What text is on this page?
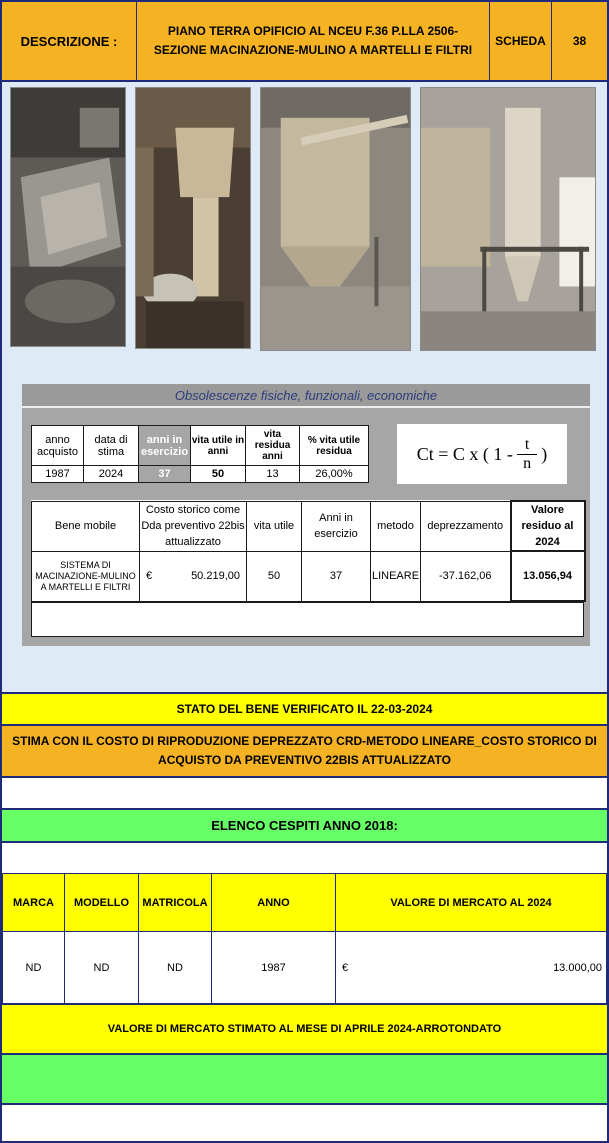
DESCRIZIONE :
PIANO TERRA OPIFICIO AL NCEU F.36 P.LLA 2506-SEZIONE MACINAZIONE-MULINO A MARTELLI E FILTRI
SCHEDA	38
Obsolescenze fisiche, funzionali, economiche
anno acquisto	data di stima	anni in esercizio	vita utile in anni	vita residua anni	% vita utile residua
1987	2024	37	50	13	26,00%
Ct = C x ( $1 - \frac{t}{n}$ )
Bene mobile	Costo storico come Dda preventivo 22bis attualizzato	vita utile	Anni in esercizio	metodo	deprezzamento	Valore residuo al 2024
SISTEMA DI MACINAZIONE-MULINO A MARTELLI E FILTRI	€ 50.219,00	50	37	LINEARE	-37.162,06	13.056,94
STATO DEL BENE VERIFICATO IL 22-03-2024
STIMA CON IL COSTO DI RIPRODUZIONE DEPREZZATO CRD-METODO LINEARE_COSTO STORICO DI ACQUISTO DA PREVENTIVO 22BIS ATTUALIZZATO
ELENCO CESPITI ANNO 2018:
MARCA	MODELLO	MATRICOLA	ANNO	VALORE DI MERCATO AL 2024
ND	ND	ND	1987	€ 13.000,00
VALORE DI MERCATO STIMATO AL MESE DI APRILE 2024-ARROTONDATO
